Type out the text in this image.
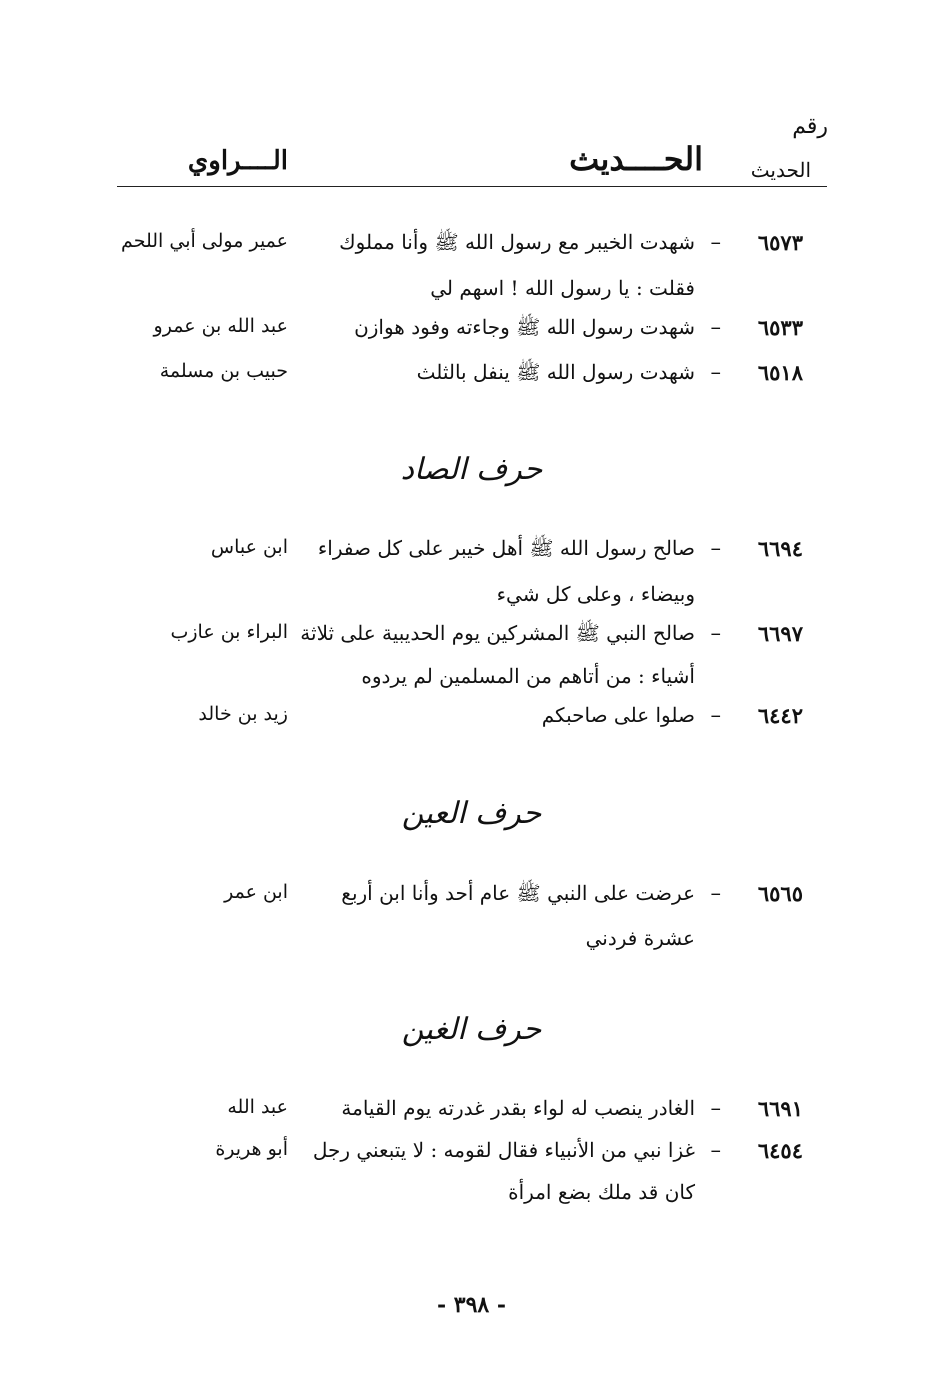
رقم
الحديث
الحــــديث
الــــراوي
٦٥٧٣
–
شهدت الخيبر مع رسول الله ﷺ وأنا مملوك
عمير مولى أبي اللحم
فقلت : يا رسول الله ! اسهم لي
٦٥٣٣
–
شهدت رسول الله ﷺ وجاءته وفود هوازن
عبد الله بن عمرو
٦٥١٨
–
شهدت رسول الله ﷺ ينفل بالثلث
حبيب بن مسلمة
حرف الصاد
٦٦٩٤
–
صالح رسول الله ﷺ أهل خيبر على كل صفراء
ابن عباس
وبيضاء ، وعلى كل شيء
٦٦٩٧
–
صالح النبي ﷺ المشركين يوم الحديبية على ثلاثة
البراء بن عازب
أشياء : من أتاهم من المسلمين لم يردوه
٦٤٤٢
–
صلوا على صاحبكم
زيد بن خالد
حرف العين
٦٥٦٥
–
عرضت على النبي ﷺ عام أحد وأنا ابن أربع
ابن عمر
عشرة فردني
حرف الغين
٦٦٩١
–
الغادر ينصب له لواء بقدر غدرته يوم القيامة
عبد الله
٦٤٥٤
–
غزا نبي من الأنبياء فقال لقومه : لا يتبعني رجل
أبو هريرة
كان قد ملك بضع امرأة
- ٣٩٨ -
